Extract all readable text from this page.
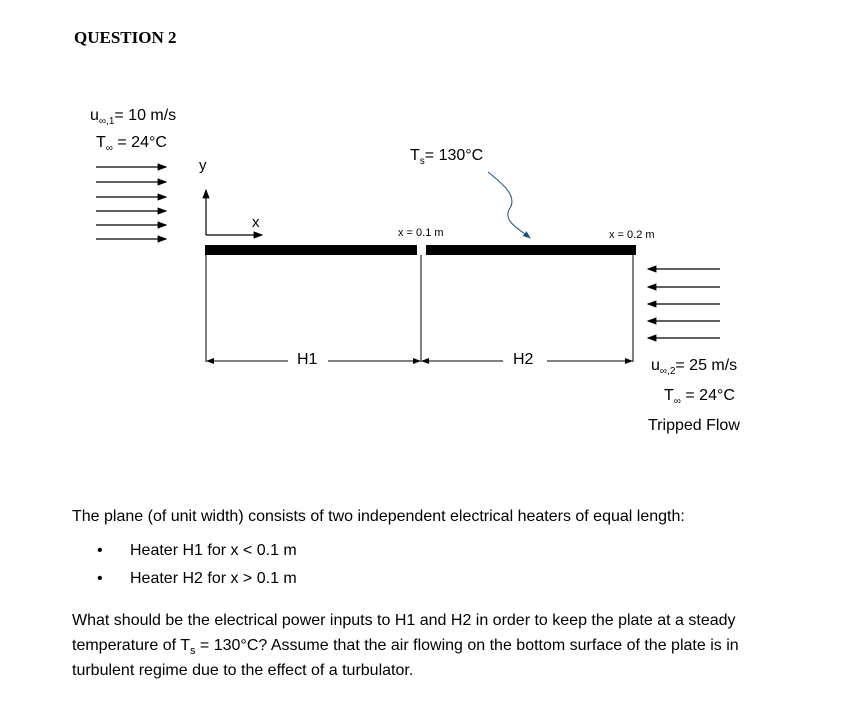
QUESTION 2
$u_{\infty,1}= 10$ m/s
$T_\infty = 24^\circ C$
$T_s= 130^\circ C$
y
x
x = 0.1 m	x = 0.2 m
H1	H2	$u_{\infty,2}= 25$ m/s
$T_\infty = 24^\circ C$
Tripped Flow
The plane (of unit width) consists of two independent electrical heaters of equal length:
• Heater H1 for x < 0.1 m
• Heater H2 for x > 0.1 m
What should be the electrical power inputs to H1 and H2 in order to keep the plate at a steady
temperature of $T_s = 130^\circ C$? Assume that the air flowing on the bottom surface of the plate is in
turbulent regime due to the effect of a turbulator.
